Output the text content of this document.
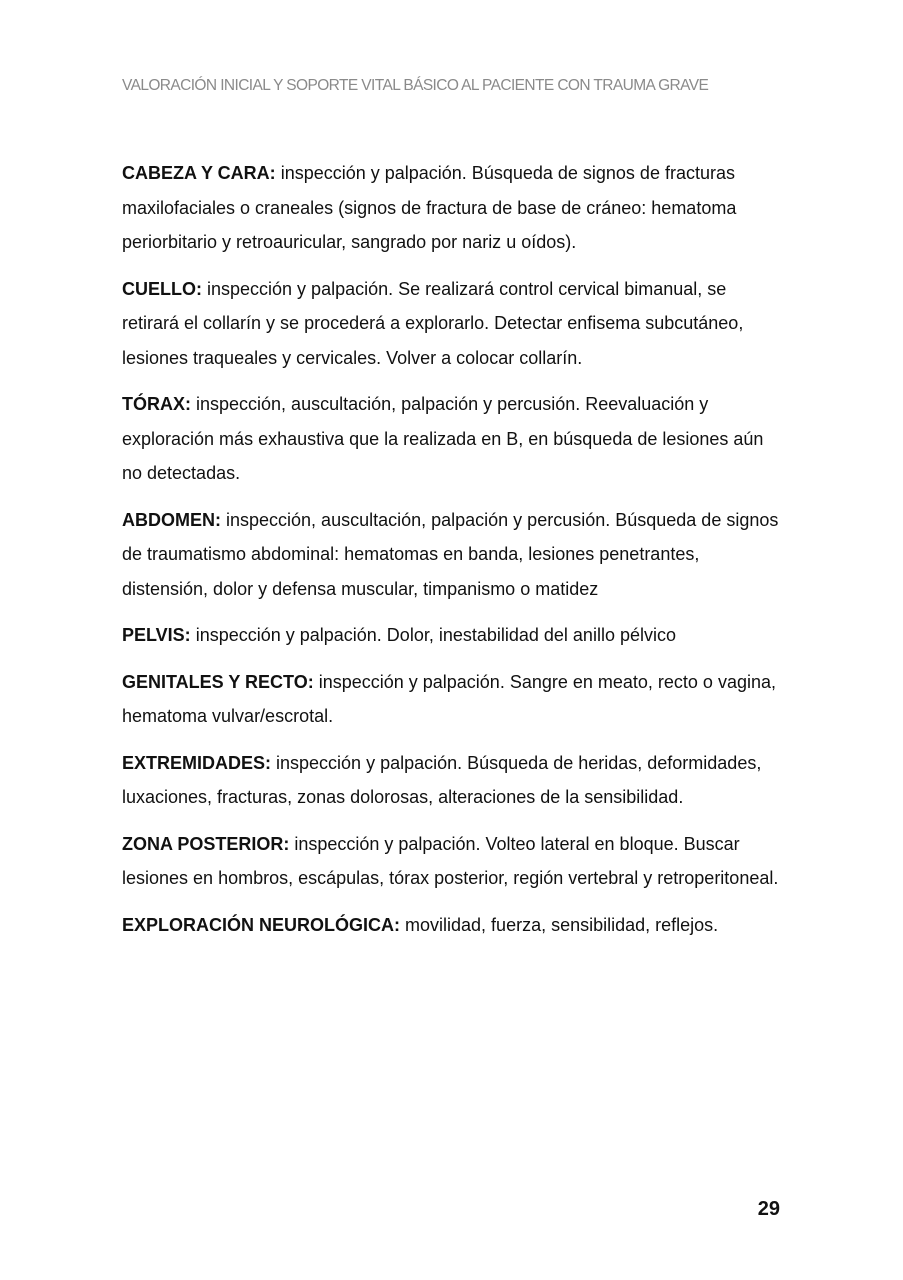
VALORACIÓN INICIAL Y SOPORTE VITAL BÁSICO AL PACIENTE CON TRAUMA GRAVE

CABEZA Y CARA: inspección y palpación. Búsqueda de signos de fracturas maxilofaciales o craneales (signos de fractura de base de cráneo: hematoma periorbitario y retroauricular, sangrado por nariz u oídos).

CUELLO: inspección y palpación. Se realizará control cervical bimanual, se retirará el collarín y se procederá a explorarlo. Detectar enfisema subcutáneo, lesiones traqueales y cervicales. Volver a colocar collarín.

TÓRAX: inspección, auscultación, palpación y percusión. Reevaluación y exploración más exhaustiva que la realizada en B, en búsqueda de lesiones aún no detectadas.

ABDOMEN: inspección, auscultación, palpación y percusión. Búsqueda de signos de traumatismo abdominal: hematomas en banda, lesiones penetrantes, distensión, dolor y defensa muscular, timpanismo o matidez

PELVIS: inspección y palpación. Dolor, inestabilidad del anillo pélvico

GENITALES Y RECTO: inspección y palpación. Sangre en meato, recto o vagina, hematoma vulvar/escrotal.

EXTREMIDADES: inspección y palpación. Búsqueda de heridas, deformidades, luxaciones, fracturas, zonas dolorosas, alteraciones de la sensibilidad.

ZONA POSTERIOR: inspección y palpación. Volteo lateral en bloque. Buscar lesiones en hombros, escápulas, tórax posterior, región vertebral y retroperitoneal.

EXPLORACIÓN NEUROLÓGICA: movilidad, fuerza, sensibilidad, reflejos.

29
